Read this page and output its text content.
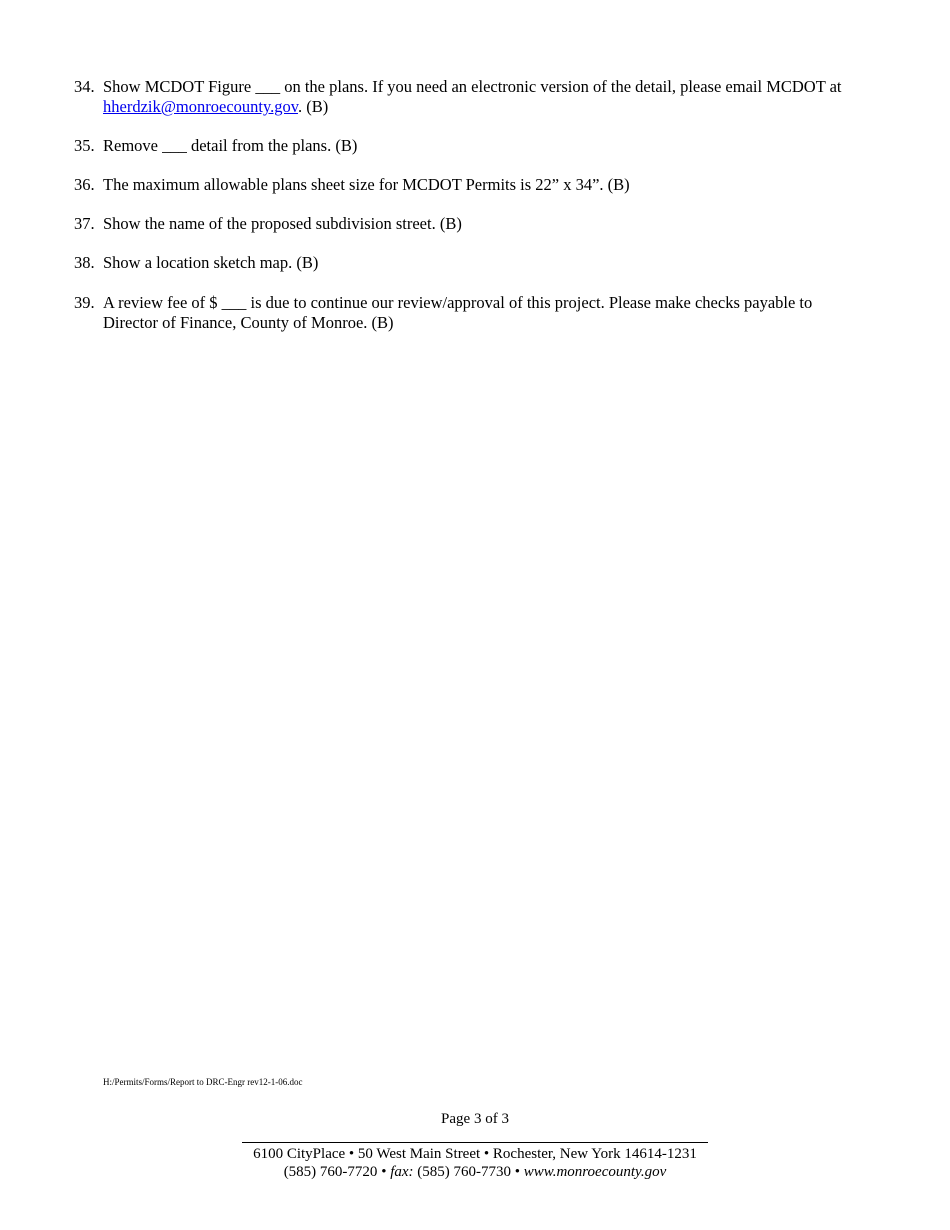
34. Show MCDOT Figure ___ on the plans. If you need an electronic version of the detail, please email MCDOT at hherdzik@monroecounty.gov. (B)
35. Remove ___ detail from the plans. (B)
36. The maximum allowable plans sheet size for MCDOT Permits is 22” x 34”. (B)
37. Show the name of the proposed subdivision street. (B)
38. Show a location sketch map. (B)
39. A review fee of $ ___ is due to continue our review/approval of this project. Please make checks payable to Director of Finance, County of Monroe. (B)
H:/Permits/Forms/Report to DRC-Engr rev12-1-06.doc
Page 3 of 3
6100 CityPlace • 50 West Main Street • Rochester, New York 14614-1231
(585) 760-7720 • fax: (585) 760-7730 • www.monroecounty.gov
